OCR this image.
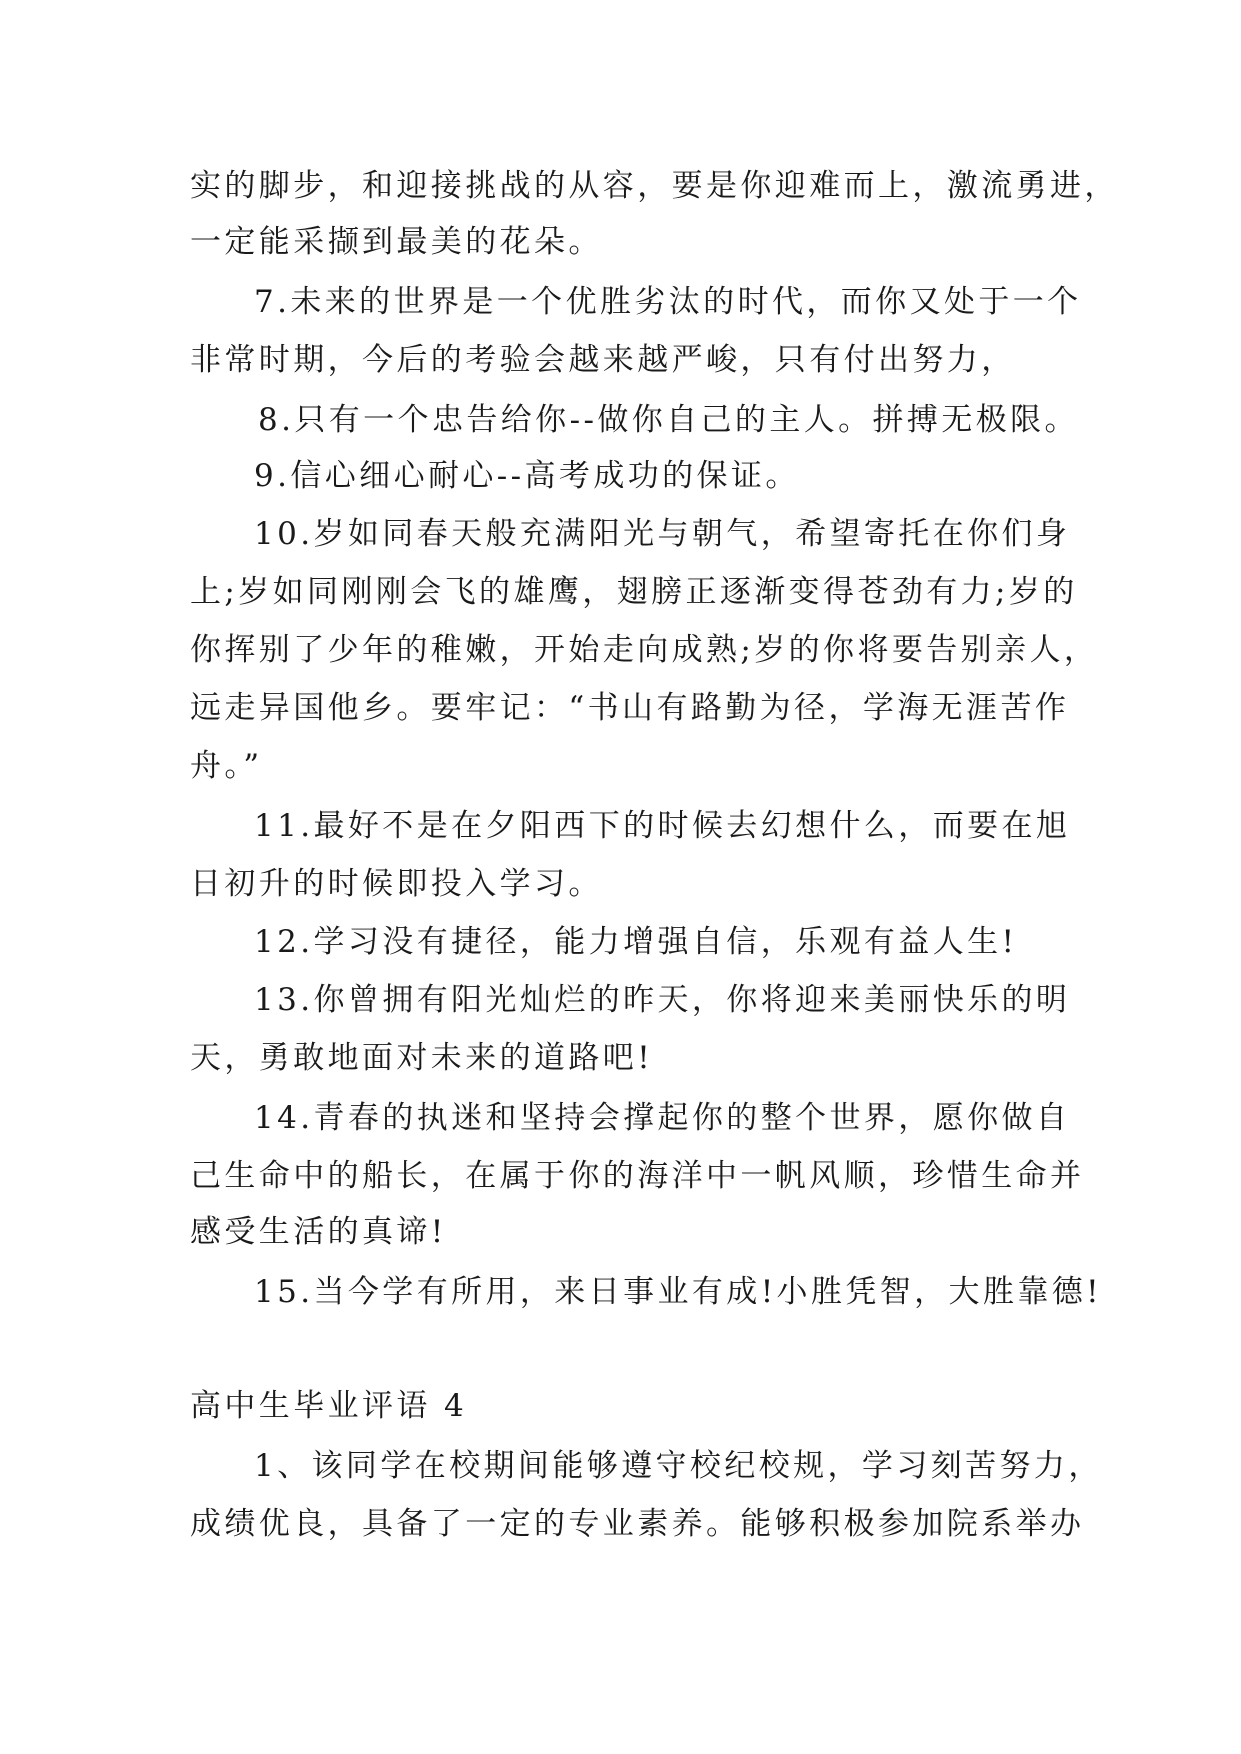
实的脚步，和迎接挑战的从容，要是你迎难而上，激流勇进，

一定能采撷到最美的花朵。

7.未来的世界是一个优胜劣汰的时代，而你又处于一个

非常时期，今后的考验会越来越严峻，只有付出努力，

8.只有一个忠告给你--做你自己的主人。拼搏无极限。

9.信心细心耐心--高考成功的保证。

10.岁如同春天般充满阳光与朝气，希望寄托在你们身

上;岁如同刚刚会飞的雄鹰，翅膀正逐渐变得苍劲有力;岁的

你挥别了少年的稚嫩，开始走向成熟;岁的你将要告别亲人，

远走异国他乡。要牢记：“书山有路勤为径，学海无涯苦作

舟。”

11.最好不是在夕阳西下的时候去幻想什么，而要在旭

日初升的时候即投入学习。

12.学习没有捷径，能力增强自信，乐观有益人生!

13.你曾拥有阳光灿烂的昨天，你将迎来美丽快乐的明

天，勇敢地面对未来的道路吧!

14.青春的执迷和坚持会撑起你的整个世界，愿你做自

己生命中的船长，在属于你的海洋中一帆风顺，珍惜生命并

感受生活的真谛!

15.当今学有所用，来日事业有成!小胜凭智，大胜靠德!

高中生毕业评语 4

1、该同学在校期间能够遵守校纪校规，学习刻苦努力，

成绩优良，具备了一定的专业素养。能够积极参加院系举办
